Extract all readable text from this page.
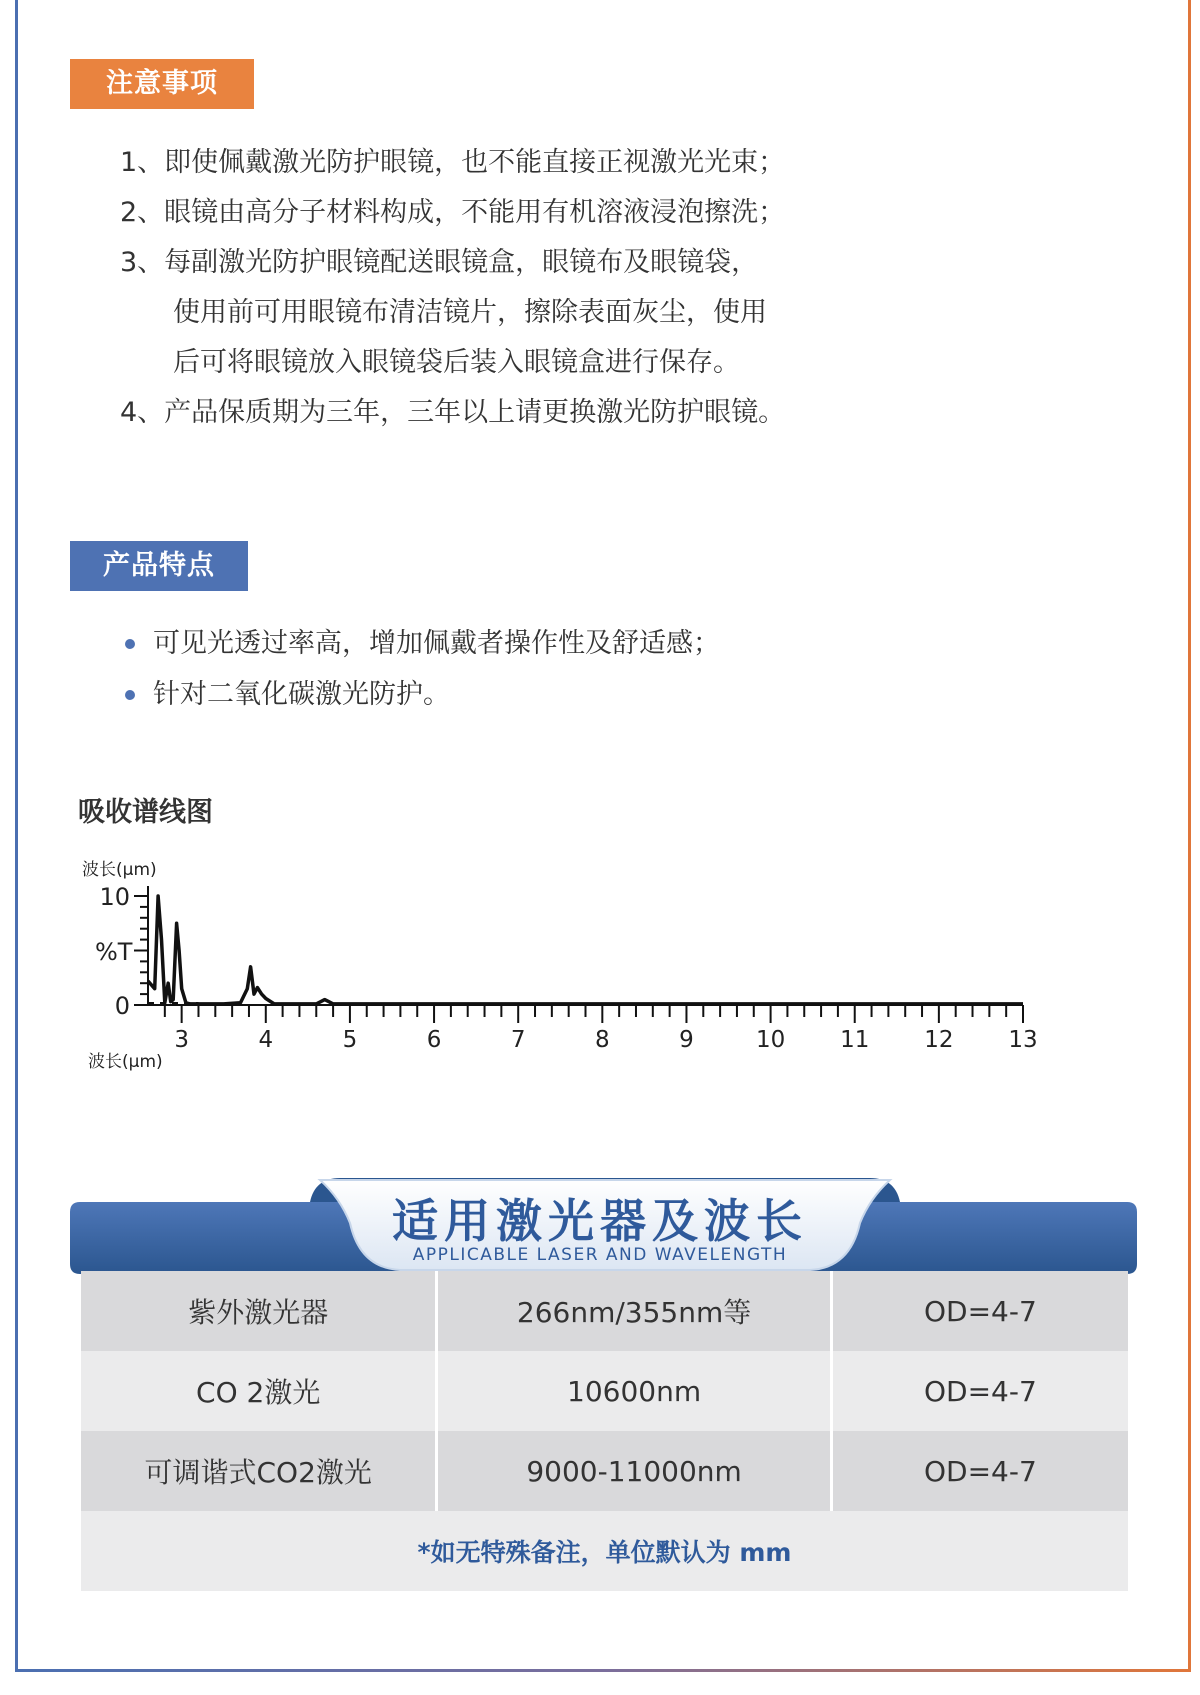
注意事项
1、即使佩戴激光防护眼镜，也不能直接正视激光光束；
2、眼镜由高分子材料构成，不能用有机溶液浸泡擦洗；
3、每副激光防护眼镜配送眼镜盒，眼镜布及眼镜袋，
使用前可用眼镜布清洁镜片，擦除表面灰尘，使用
后可将眼镜放入眼镜袋后装入眼镜盒进行保存。
4、产品保质期为三年，三年以上请更换激光防护眼镜。
产品特点
可见光透过率高，增加佩戴者操作性及舒适感；
针对二氧化碳激光防护。
吸收谱线图
波长(μm)
%T
波长(μm)
3	4	5	6	7	8	9	10 11 12 13
0
10
适用激光器及波长
APPLICABLE LASER AND WAVELENGTH
紫外激光器	266nm/355nm等	OD=4-7
CO 2激光	10600nm	OD=4-7
可调谐式CO2激光	9000-11000nm	OD=4-7
*如无特殊备注，单位默认为 mm		
